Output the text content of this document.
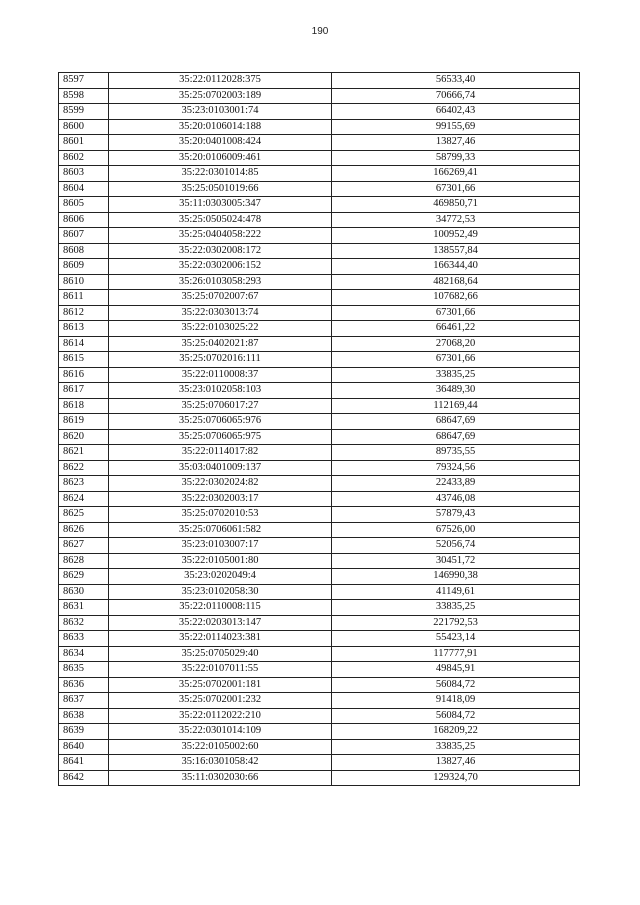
190
8597	35:22:0112028:375	56533,40
8598	35:25:0702003:189	70666,74
8599	35:23:0103001:74	66402,43
8600	35:20:0106014:188	99155,69
8601	35:20:0401008:424	13827,46
8602	35:20:0106009:461	58799,33
8603	35:22:0301014:85	166269,41
8604	35:25:0501019:66	67301,66
8605	35:11:0303005:347	469850,71
8606	35:25:0505024:478	34772,53
8607	35:25:0404058:222	100952,49
8608	35:22:0302008:172	138557,84
8609	35:22:0302006:152	166344,40
8610	35:26:0103058:293	482168,64
8611	35:25:0702007:67	107682,66
8612	35:22:0303013:74	67301,66
8613	35:22:0103025:22	66461,22
8614	35:25:0402021:87	27068,20
8615	35:25:0702016:111	67301,66
8616	35:22:0110008:37	33835,25
8617	35:23:0102058:103	36489,30
8618	35:25:0706017:27	112169,44
8619	35:25:0706065:976	68647,69
8620	35:25:0706065:975	68647,69
8621	35:22:0114017:82	89735,55
8622	35:03:0401009:137	79324,56
8623	35:22:0302024:82	22433,89
8624	35:22:0302003:17	43746,08
8625	35:25:0702010:53	57879,43
8626	35:25:0706061:582	67526,00
8627	35:23:0103007:17	52056,74
8628	35:22:0105001:80	30451,72
8629	35:23:0202049:4	146990,38
8630	35:23:0102058:30	41149,61
8631	35:22:0110008:115	33835,25
8632	35:22:0203013:147	221792,53
8633	35:22:0114023:381	55423,14
8634	35:25:0705029:40	117777,91
8635	35:22:0107011:55	49845,91
8636	35:25:0702001:181	56084,72
8637	35:25:0702001:232	91418,09
8638	35:22:0112022:210	56084,72
8639	35:22:0301014:109	168209,22
8640	35:22:0105002:60	33835,25
8641	35:16:0301058:42	13827,46
8642	35:11:0302030:66	129324,70
